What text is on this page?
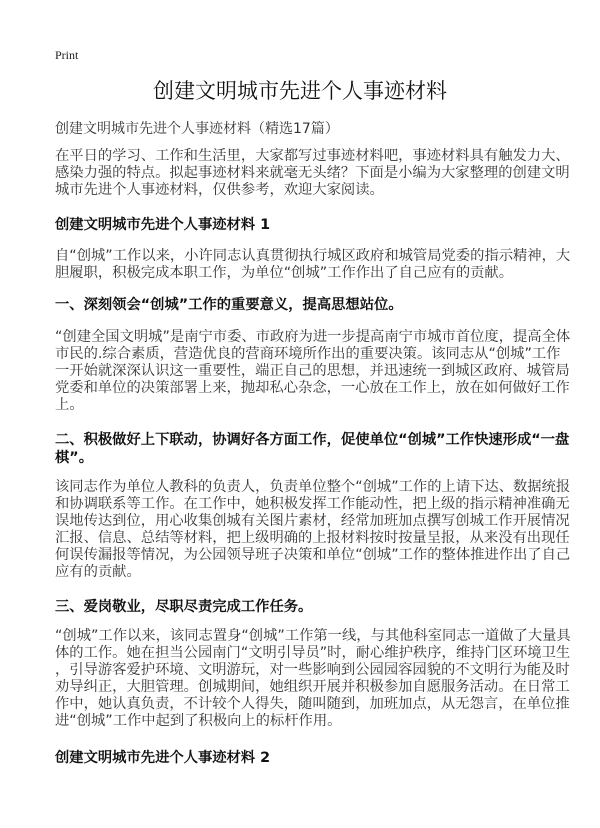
Print
创建文明城市先进个人事迹材料
创建文明城市先进个人事迹材料（精选17篇）
在平日的学习、工作和生活里，大家都写过事迹材料吧，事迹材料具有触发力大、
感染力强的特点。拟起事迹材料来就毫无头绪？下面是小编为大家整理的创建文明
城市先进个人事迹材料，仅供参考，欢迎大家阅读。
创建文明城市先进个人事迹材料 1
自“创城”工作以来，小许同志认真贯彻执行城区政府和城管局党委的指示精神，大
胆履职，积极完成本职工作，为单位“创城”工作作出了自己应有的贡献。
一、深刻领会“创城”工作的重要意义，提高思想站位。
“创建全国文明城”是南宁市委、市政府为进一步提高南宁市城市首位度，提高全体
市民的.综合素质，营造优良的营商环境所作出的重要决策。该同志从“创城”工作
一开始就深深认识这一重要性，端正自己的思想，并迅速统一到城区政府、城管局
党委和单位的决策部署上来，抛却私心杂念，一心放在工作上，放在如何做好工作
上。
二、积极做好上下联动，协调好各方面工作，促使单位“创城”工作快速形成“一盘
棋”。
该同志作为单位人教科的负责人，负责单位整个“创城”工作的上请下达、数据统报
和协调联系等工作。在工作中，她积极发挥工作能动性，把上级的指示精神准确无
误地传达到位，用心收集创城有关图片素材，经常加班加点撰写创城工作开展情况
汇报、信息、总结等材料，把上级明确的上报材料按时按量呈报，从来没有出现任
何误传漏报等情况，为公园领导班子决策和单位“创城”工作的整体推进作出了自己
应有的贡献。
三、爱岗敬业，尽职尽责完成工作任务。
“创城”工作以来，该同志置身“创城”工作第一线，与其他科室同志一道做了大量具
体的工作。她在担当公园南门“文明引导员”时，耐心维护秩序，维持门区环境卫生
，引导游客爱护环境、文明游玩，对一些影响到公园园容园貌的不文明行为能及时
劝导纠正，大胆管理。创城期间，她组织开展并积极参加自愿服务活动。在日常工
作中，她认真负责，不计较个人得失，随叫随到，加班加点，从无怨言，在单位推
进“创城”工作中起到了积极向上的标杆作用。
创建文明城市先进个人事迹材料 2
